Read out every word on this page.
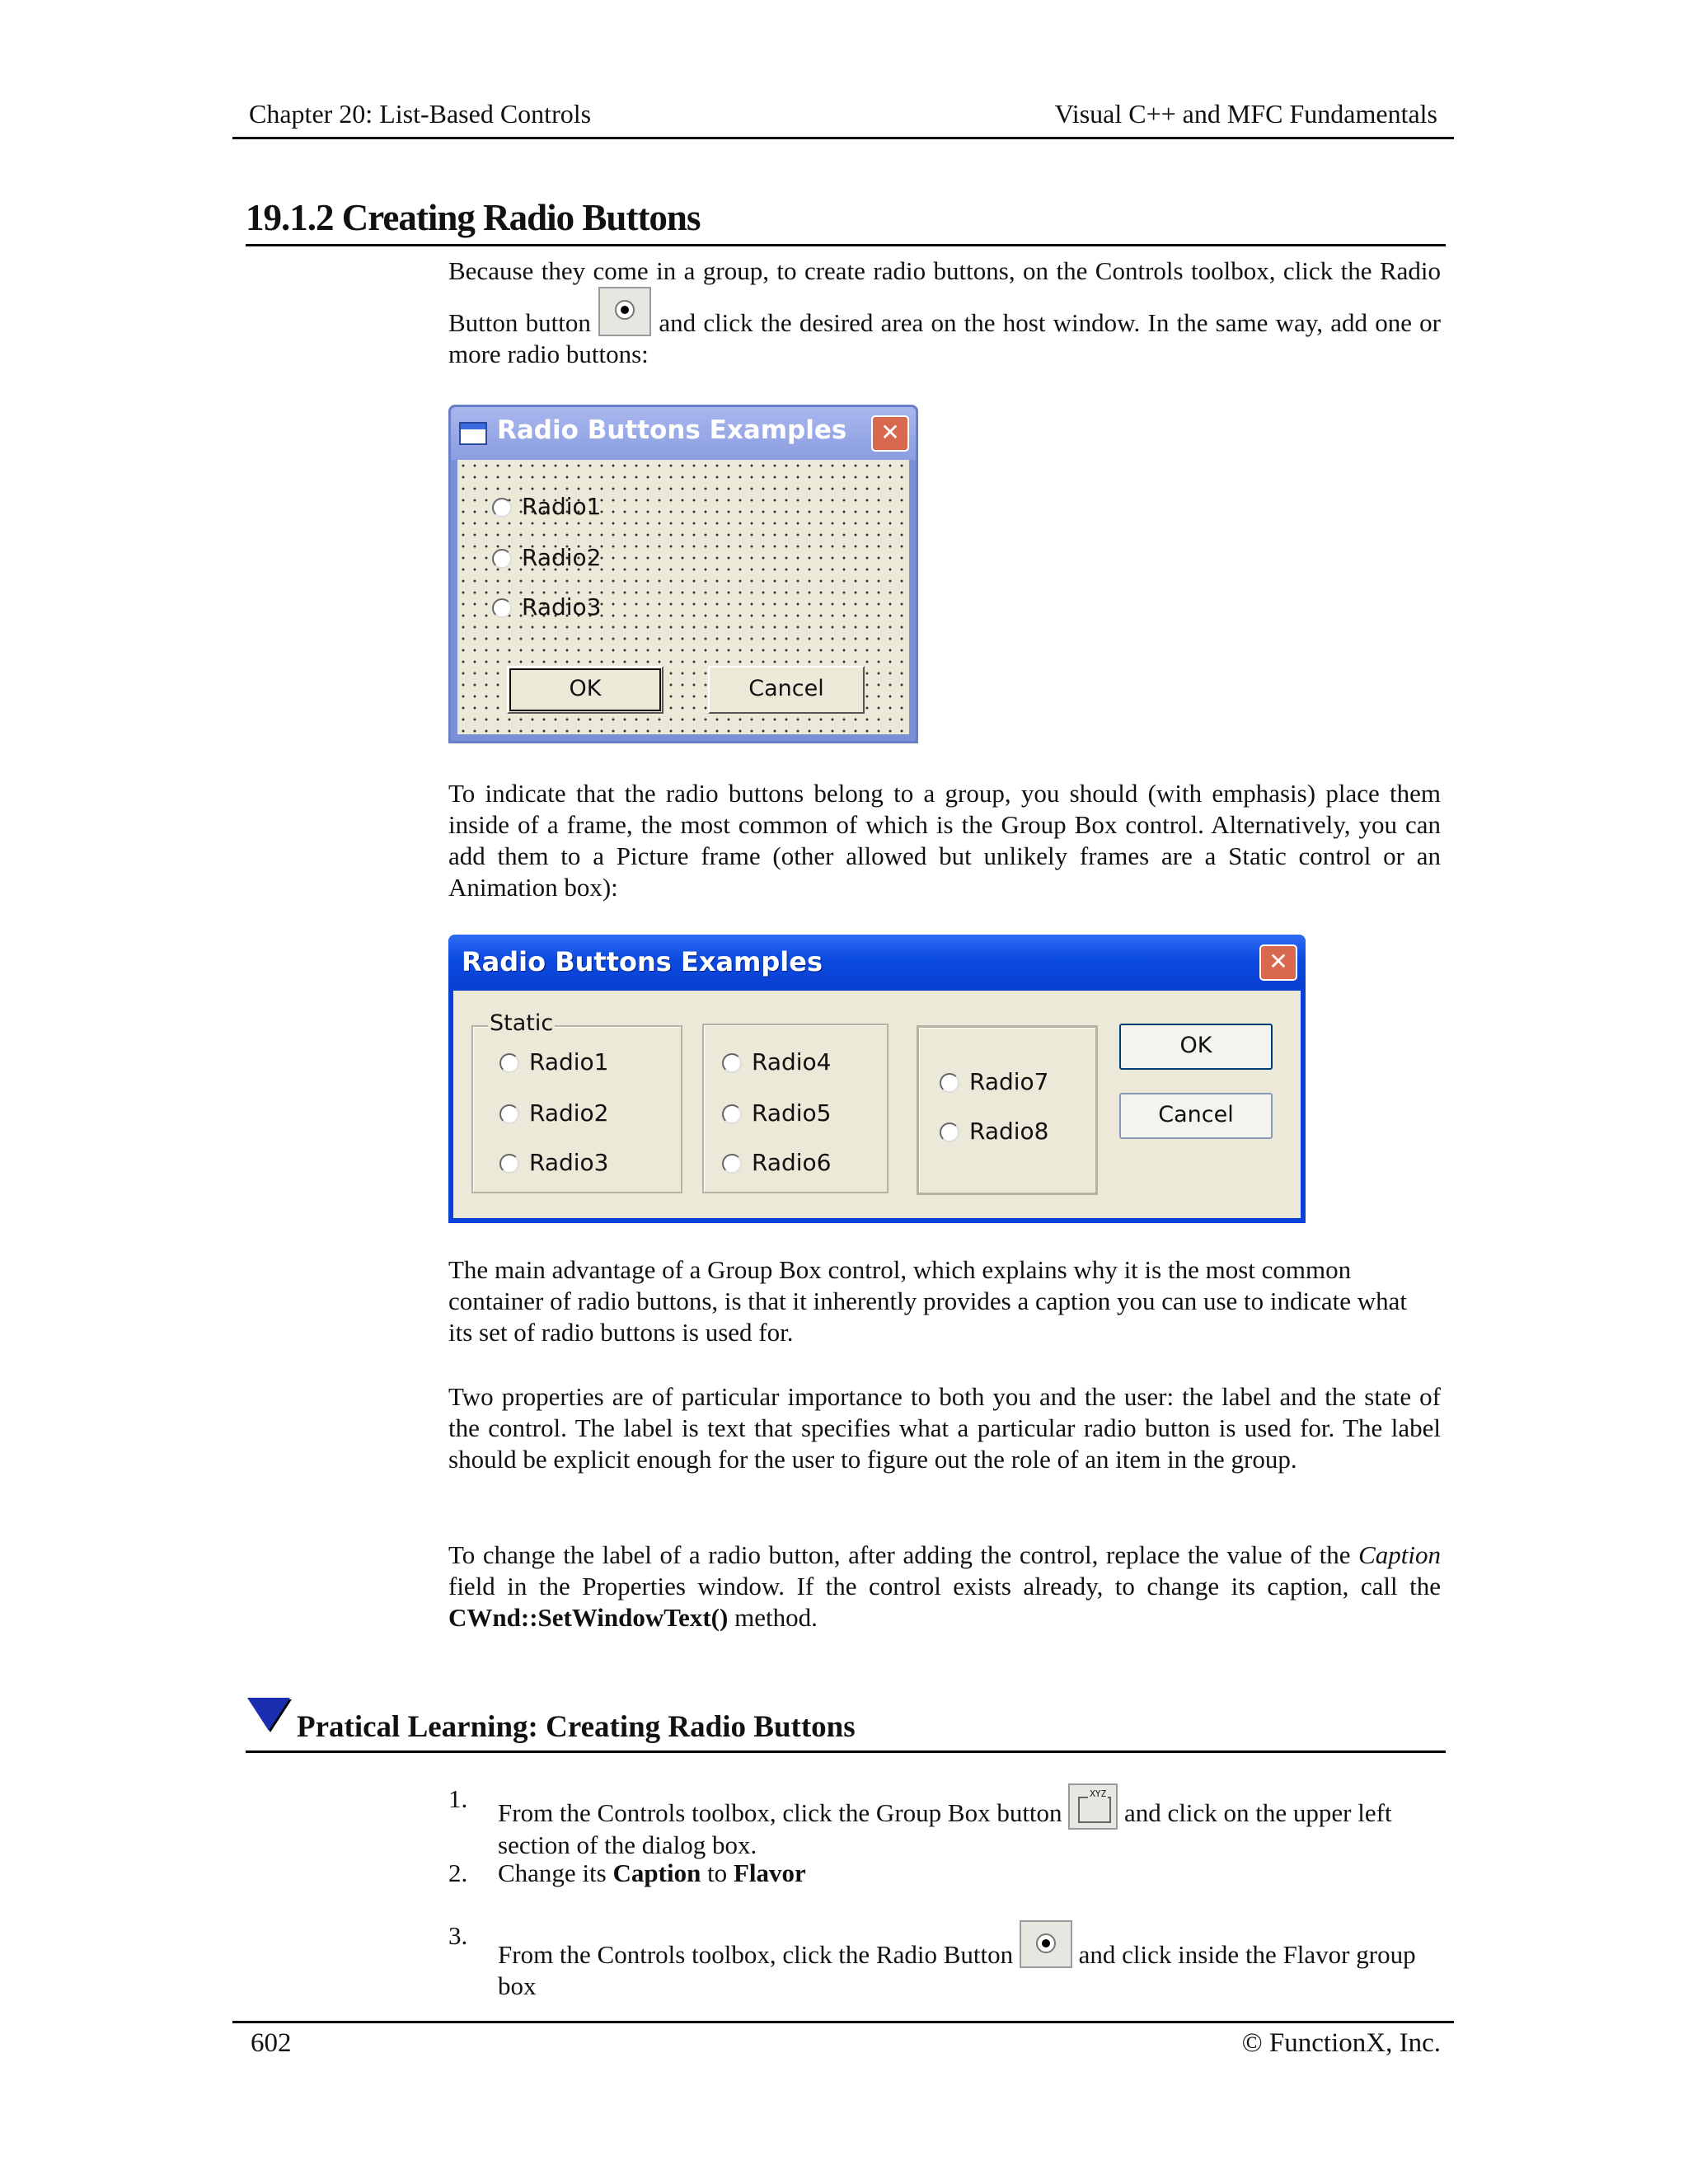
Chapter 20: List-Based Controls	Visual C++ and MFC Fundamentals
19.1.2 Creating Radio Buttons
Because they come in a group, to create radio buttons, on the Controls toolbox, click the Radio Button button	and click the desired area on the host window. In the same way, add one or more radio buttons:
Radio Buttons Examples	✕
Radio1
Radio2
Radio3
OK	Cancel
To indicate that the radio buttons belong to a group, you should (with emphasis) place them inside of a frame, the most common of which is the Group Box control. Alternatively, you can add them to a Picture frame (other allowed but unlikely frames are a Static control or an Animation box):
Radio Buttons Examples	✕
Static
Radio1
Radio2
Radio3
Radio4
Radio5
Radio6
Radio7
Radio8
OK
Cancel
The main advantage of a Group Box control, which explains why it is the most common container of radio buttons, is that it inherently provides a caption you can use to indicate what its set of radio buttons is used for.
Two properties are of particular importance to both you and the user: the label and the state of the control. The label is text that specifies what a particular radio button is used for. The label should be explicit enough for the user to figure out the role of an item in the group.
To change the label of a radio button, after adding the control, replace the value of the Caption field in the Properties window. If the control exists already, to change its caption, call the CWnd::SetWindowText() method.
Pratical Learning: Creating Radio Buttons
1. From the Controls toolbox, click the Group Box button
XYZ
and click on the upper left section of the dialog box.
2. Change its Caption to Flavor
3.
From the Controls toolbox, click the Radio Button	and click inside the Flavor group box
602	© FunctionX, Inc.
